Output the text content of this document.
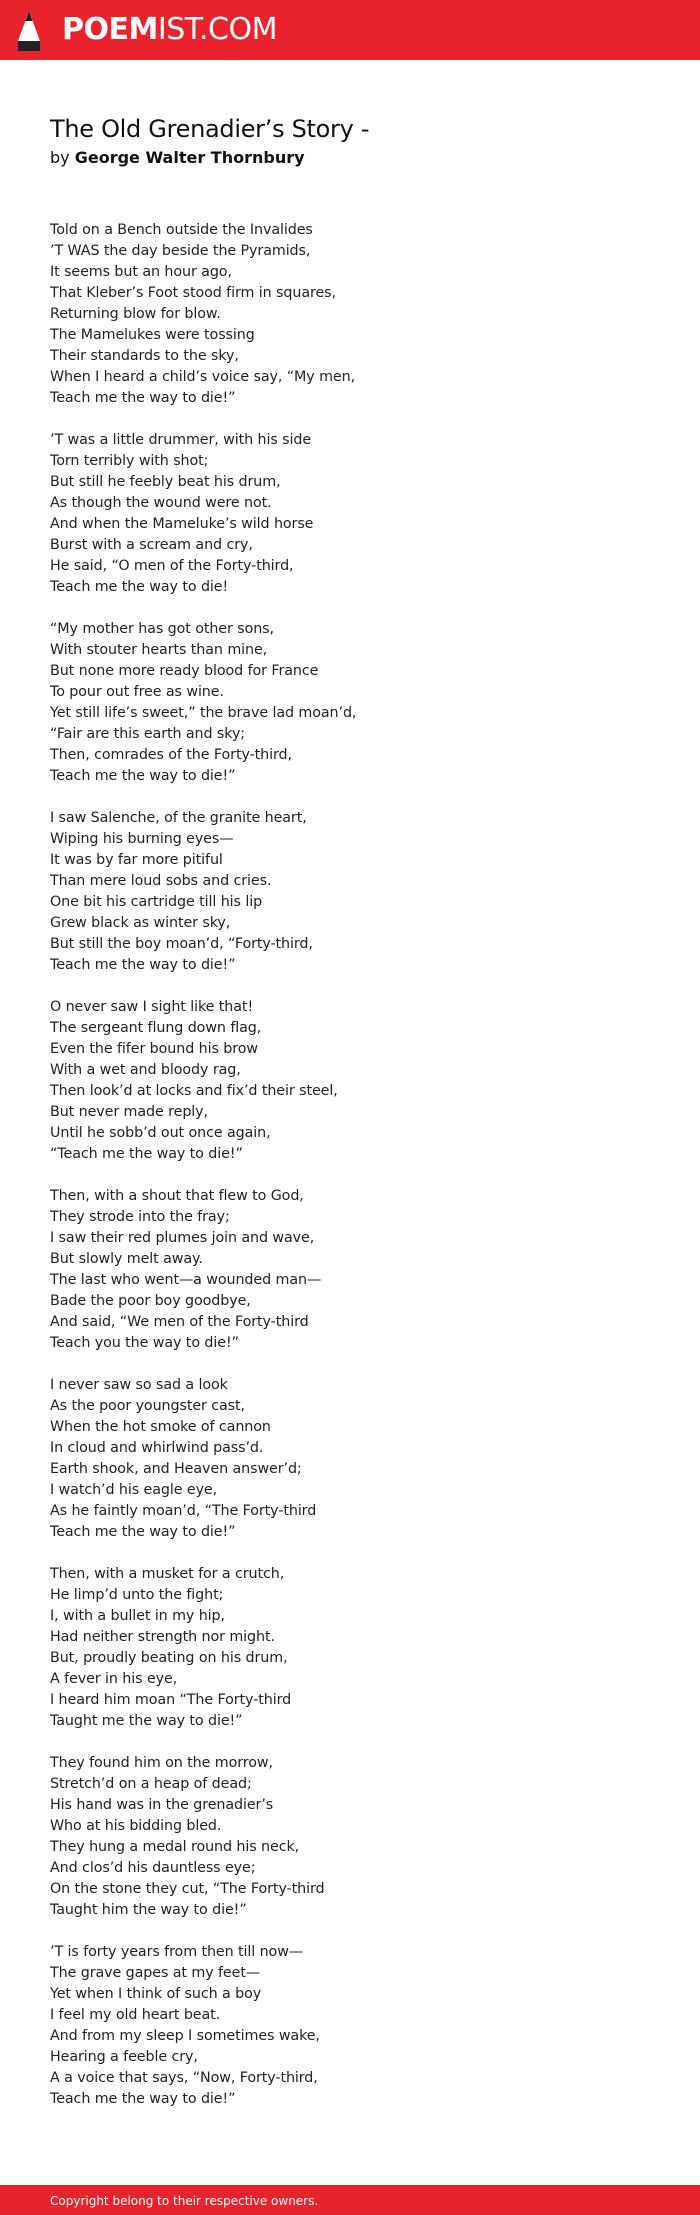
POEMIST.COM
The Old Grenadier’s Story -

by George Walter Thornbury

Told on a Bench outside the Invalides
’T WAS the day beside the Pyramids,
It seems but an hour ago,
That Kleber’s Foot stood firm in squares,
Returning blow for blow.
The Mamelukes were tossing
Their standards to the sky,
When I heard a child’s voice say, “My men,
Teach me the way to die!”

’T was a little drummer, with his side
Torn terribly with shot;
But still he feebly beat his drum,
As though the wound were not.
And when the Mameluke’s wild horse
Burst with a scream and cry,
He said, “O men of the Forty-third,
Teach me the way to die!

“My mother has got other sons,
With stouter hearts than mine,
But none more ready blood for France
To pour out free as wine.
Yet still life’s sweet,” the brave lad moan’d,
“Fair are this earth and sky;
Then, comrades of the Forty-third,
Teach me the way to die!”

I saw Salenche, of the granite heart,
Wiping his burning eyes—
It was by far more pitiful
Than mere loud sobs and cries.
One bit his cartridge till his lip
Grew black as winter sky,
But still the boy moan’d, “Forty-third,
Teach me the way to die!”

O never saw I sight like that!
The sergeant flung down flag,
Even the fifer bound his brow
With a wet and bloody rag,
Then look’d at locks and fix’d their steel,
But never made reply,
Until he sobb’d out once again,
“Teach me the way to die!”

Then, with a shout that flew to God,
They strode into the fray;
I saw their red plumes join and wave,
But slowly melt away.
The last who went—a wounded man—
Bade the poor boy goodbye,
And said, “We men of the Forty-third
Teach you the way to die!”

I never saw so sad a look
As the poor youngster cast,
When the hot smoke of cannon
In cloud and whirlwind pass’d.
Earth shook, and Heaven answer’d;
I watch’d his eagle eye,
As he faintly moan’d, “The Forty-third
Teach me the way to die!”

Then, with a musket for a crutch,
He limp’d unto the fight;
I, with a bullet in my hip,
Had neither strength nor might.
But, proudly beating on his drum,
A fever in his eye,
I heard him moan “The Forty-third
Taught me the way to die!”

They found him on the morrow,
Stretch’d on a heap of dead;
His hand was in the grenadier’s
Who at his bidding bled.
They hung a medal round his neck,
And clos’d his dauntless eye;
On the stone they cut, “The Forty-third
Taught him the way to die!”

’T is forty years from then till now—
The grave gapes at my feet—
Yet when I think of such a boy
I feel my old heart beat.
And from my sleep I sometimes wake,
Hearing a feeble cry,
A a voice that says, “Now, Forty-third,
Teach me the way to die!”

Copyright belong to their respective owners.
